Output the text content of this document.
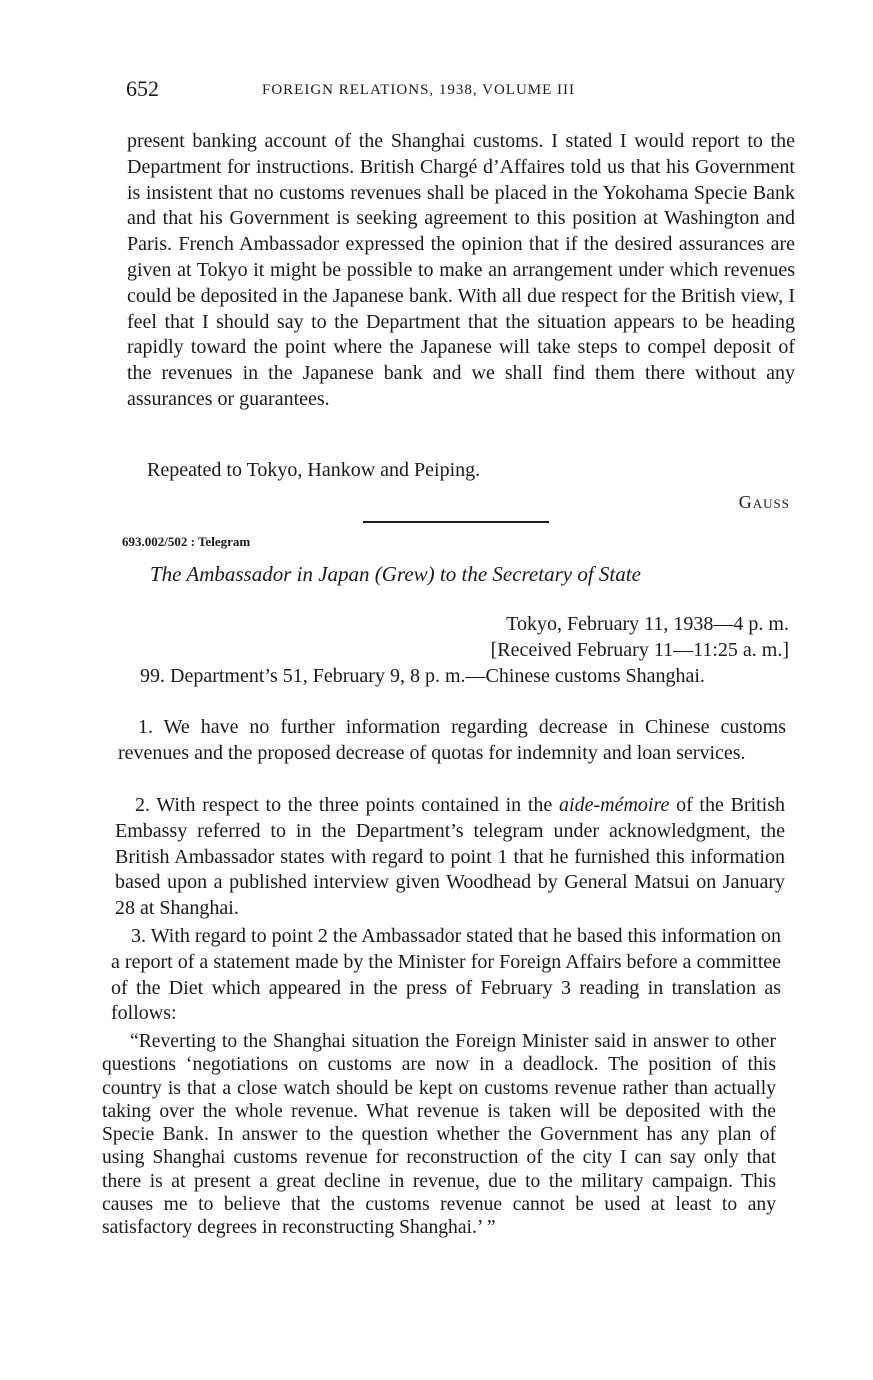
652	FOREIGN RELATIONS, 1938, VOLUME III

present banking account of the Shanghai customs. I stated I would report to the Department for instructions. British Chargé d’Affaires told us that his Government is insistent that no customs revenues shall be placed in the Yokohama Specie Bank and that his Government is seeking agreement to this position at Washington and Paris. French Ambassador expressed the opinion that if the desired assurances are given at Tokyo it might be possible to make an arrangement under which revenues could be deposited in the Japanese bank. With all due respect for the British view, I feel that I should say to the Department that the situation appears to be heading rapidly toward the point where the Japanese will take steps to compel deposit of the revenues in the Japanese bank and we shall find them there without any assurances or guarantees.

Repeated to Tokyo, Hankow and Peiping.

Gauss
693.002/502 : Telegram
The Ambassador in Japan (Grew) to the Secretary of State
Tokyo, February 11, 1938—4 p. m.
[Received February 11—11:25 a. m.]

99. Department’s 51, February 9, 8 p. m.—Chinese customs Shanghai.

1. We have no further information regarding decrease in Chinese customs revenues and the proposed decrease of quotas for indemnity and loan services.

2. With respect to the three points contained in the aide-mémoire of the British Embassy referred to in the Department’s telegram under acknowledgment, the British Ambassador states with regard to point 1 that he furnished this information based upon a published interview given Woodhead by General Matsui on January 28 at Shanghai.

3. With regard to point 2 the Ambassador stated that he based this information on a report of a statement made by the Minister for Foreign Affairs before a committee of the Diet which appeared in the press of February 3 reading in translation as follows:

“Reverting to the Shanghai situation the Foreign Minister said in answer to other questions ‘negotiations on customs are now in a deadlock. The position of this country is that a close watch should be kept on customs revenue rather than actually taking over the whole revenue. What revenue is taken will be deposited with the Specie Bank. In answer to the question whether the Government has any plan of using Shanghai customs revenue for reconstruction of the city I can say only that there is at present a great decline in revenue, due to the military campaign. This causes me to believe that the customs revenue cannot be used at least to any satisfactory degrees in reconstructing Shanghai.’ ”
